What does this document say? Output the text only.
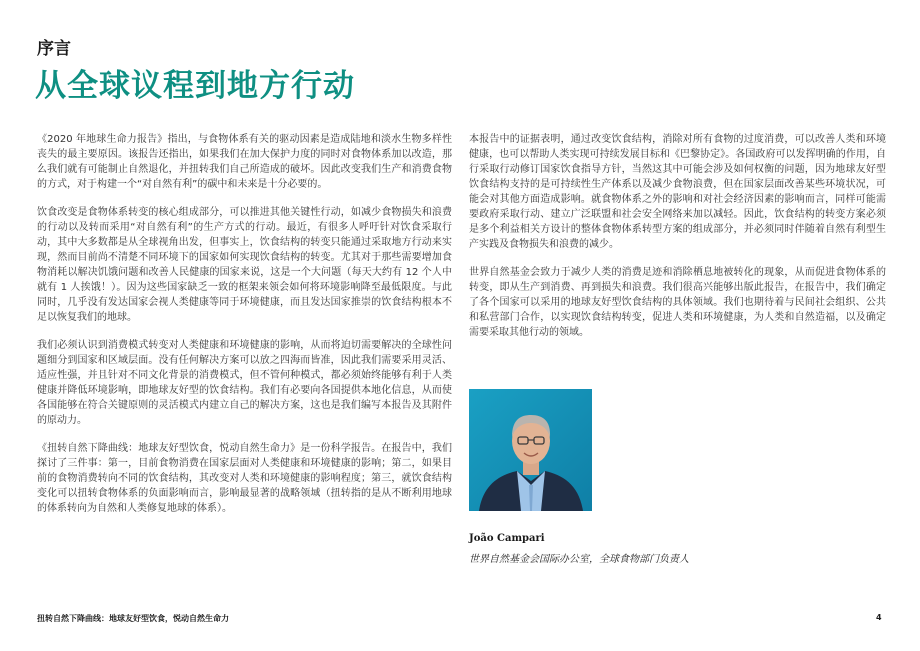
序言
从全球议程到地方行动

《2020 年地球生命力报告》指出，与食物体系有关的驱动因素是造成陆地和淡水生物多样性丧失的最主要原因。该报告还指出，如果我们在加大保护力度的同时对食物体系加以改造，那么我们就有可能制止自然退化，并扭转我们自己所造成的破坏。因此改变我们生产和消费食物的方式，对于构建一个“对自然有利”的碳中和未来是十分必要的。

饮食改变是食物体系转变的核心组成部分，可以推进其他关键性行动，如减少食物损失和浪费的行动以及转而采用“对自然有利”的生产方式的行动。最近，有很多人呼吁针对饮食采取行动，其中大多数都是从全球视角出发，但事实上，饮食结构的转变只能通过采取地方行动来实现，然而目前尚不清楚不同环境下的国家如何实现饮食结构的转变。尤其对于那些需要增加食物消耗以解决饥饿问题和改善人民健康的国家来说，这是一个大问题（每天大约有 12 个人中就有 1 人挨饿！）。因为这些国家缺乏一致的框架来领会如何将环境影响降至最低限度。与此同时，几乎没有发达国家会视人类健康等同于环境健康，而且发达国家推崇的饮食结构根本不足以恢复我们的地球。

我们必须认识到消费模式转变对人类健康和环境健康的影响，从而将迫切需要解决的全球性问题细分到国家和区域层面。没有任何解决方案可以放之四海而皆准，因此我们需要采用灵活、适应性强，并且针对不同文化背景的消费模式，但不管何种模式，都必须始终能够有利于人类健康并降低环境影响，即地球友好型的饮食结构。我们有必要向各国提供本地化信息，从而使各国能够在符合关键原则的灵活模式内建立自己的解决方案，这也是我们编写本报告及其附件的原动力。

《扭转自然下降曲线：地球友好型饮食，悦动自然生命力》是一份科学报告。在报告中，我们探讨了三件事：第一，目前食物消费在国家层面对人类健康和环境健康的影响；第二，如果目前的食物消费转向不同的饮食结构，其改变对人类和环境健康的影响程度；第三，就饮食结构变化可以扭转食物体系的负面影响而言，影响最显著的战略领域（扭转指的是从不断利用地球的体系转向为自然和人类修复地球的体系）。

本报告中的证据表明，通过改变饮食结构，消除对所有食物的过度消费，可以改善人类和环境健康，也可以帮助人类实现可持续发展目标和《巴黎协定》。各国政府可以发挥明确的作用，自行采取行动修订国家饮食指导方针，当然这其中可能会涉及如何权衡的问题，因为地球友好型饮食结构支持的是可持续性生产体系以及减少食物浪费，但在国家层面改善某些环境状况，可能会对其他方面造成影响。就食物体系之外的影响和对社会经济因素的影响而言，同样可能需要政府采取行动、建立广泛联盟和社会安全网络来加以减轻。因此，饮食结构的转变方案必须是多个利益相关方设计的整体食物体系转型方案的组成部分，并必须同时伴随着自然有利型生产实践及食物损失和浪费的减少。

世界自然基金会致力于减少人类的消费足迹和消除栖息地被转化的现象，从而促进食物体系的转变，即从生产到消费、再到损失和浪费。我们很高兴能够出版此报告，在报告中，我们确定了各个国家可以采用的地球友好型饮食结构的具体领域。我们也期待着与民间社会组织、公共和私营部门合作，以实现饮食结构转变，促进人类和环境健康，为人类和自然造福，以及确定需要采取其他行动的领域。

João Campari
世界自然基金会国际办公室，全球食物部门负责人
扭转自然下降曲线：地球友好型饮食，悦动自然生命力	4
